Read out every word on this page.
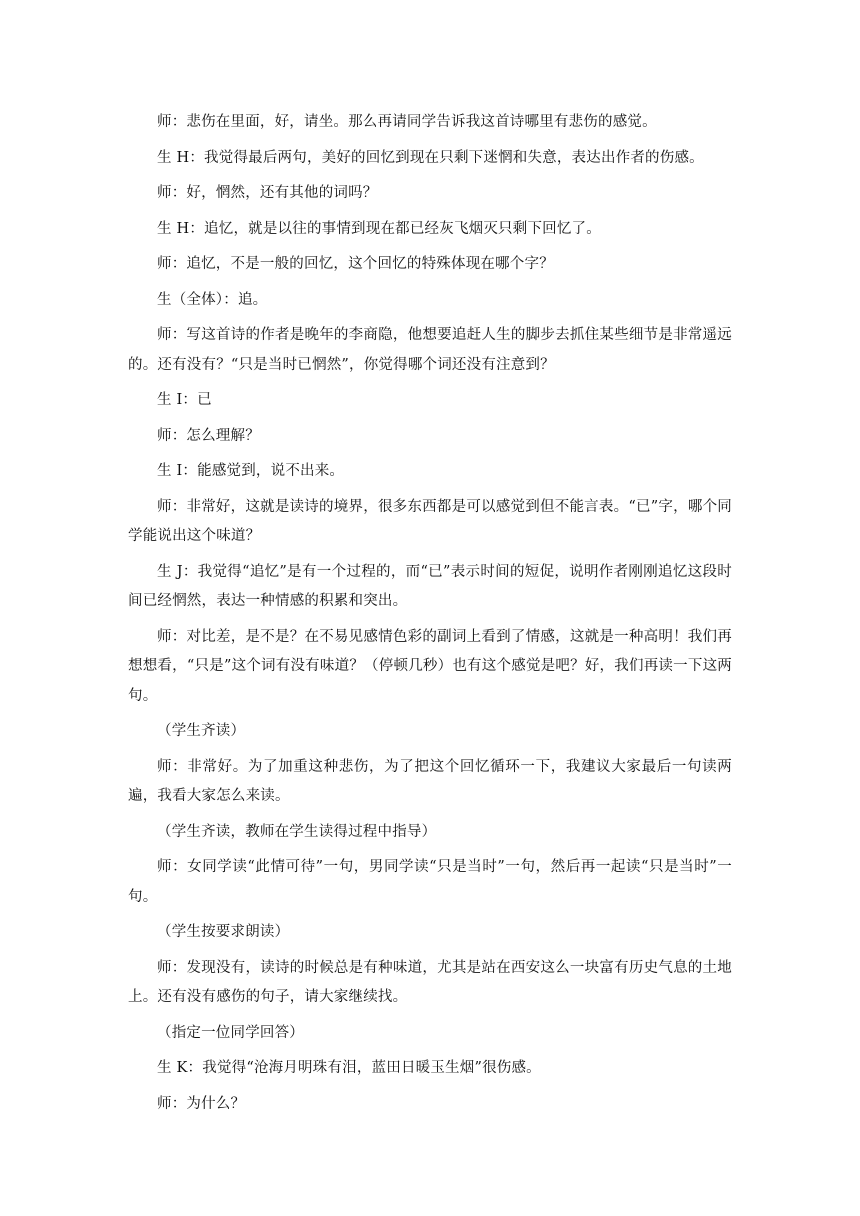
师：悲伤在里面，好，请坐。那么再请同学告诉我这首诗哪里有悲伤的感觉。

生 H：我觉得最后两句，美好的回忆到现在只剩下迷惘和失意，表达出作者的伤感。

师：好，惘然，还有其他的词吗？

生 H：追忆，就是以往的事情到现在都已经灰飞烟灭只剩下回忆了。

师：追忆，不是一般的回忆，这个回忆的特殊体现在哪个字？

生（全体）：追。

师：写这首诗的作者是晚年的李商隐，他想要追赶人生的脚步去抓住某些细节是非常遥远的。还有没有？“只是当时已惘然”，你觉得哪个词还没有注意到？

生 I：已

师：怎么理解？

生 I：能感觉到，说不出来。

师：非常好，这就是读诗的境界，很多东西都是可以感觉到但不能言表。“已”字，哪个同学能说出这个味道？

生 J：我觉得“追忆”是有一个过程的，而“已”表示时间的短促，说明作者刚刚追忆这段时间已经惘然，表达一种情感的积累和突出。

师：对比差，是不是？在不易见感情色彩的副词上看到了情感，这就是一种高明！我们再想想看，“只是”这个词有没有味道？（停顿几秒）也有这个感觉是吧？好，我们再读一下这两句。

（学生齐读）

师：非常好。为了加重这种悲伤，为了把这个回忆循环一下，我建议大家最后一句读两遍，我看大家怎么来读。

（学生齐读，教师在学生读得过程中指导）

师：女同学读“此情可待”一句，男同学读“只是当时”一句，然后再一起读“只是当时”一句。

（学生按要求朗读）

师：发现没有，读诗的时候总是有种味道，尤其是站在西安这么一块富有历史气息的土地上。还有没有感伤的句子，请大家继续找。

（指定一位同学回答）

生 K：我觉得“沧海月明珠有泪，蓝田日暖玉生烟”很伤感。

师：为什么？
